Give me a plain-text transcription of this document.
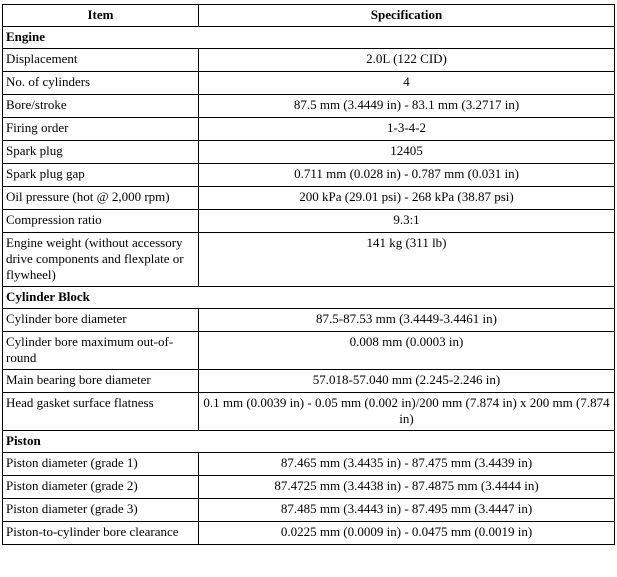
Item	Specification
Engine	
Displacement	2.0L (122 CID)
No. of cylinders	4
Bore/stroke	87.5 mm (3.4449 in) - 83.1 mm (3.2717 in)
Firing order	1-3-4-2
Spark plug	12405
Spark plug gap	0.711 mm (0.028 in) - 0.787 mm (0.031 in)
Oil pressure (hot @ 2,000 rpm)	200 kPa (29.01 psi) - 268 kPa (38.87 psi)
Compression ratio	9.3:1
Engine weight (without accessory drive components and flexplate or flywheel)	141 kg (311 lb)
Cylinder Block	
Cylinder bore diameter	87.5-87.53 mm (3.4449-3.4461 in)
Cylinder bore maximum out-of-round	0.008 mm (0.0003 in)
Main bearing bore diameter	57.018-57.040 mm (2.245-2.246 in)
Head gasket surface flatness	0.1 mm (0.0039 in) - 0.05 mm (0.002 in)/200 mm (7.874 in) x 200 mm (7.874 in)
Piston	
Piston diameter (grade 1)	87.465 mm (3.4435 in) - 87.475 mm (3.4439 in)
Piston diameter (grade 2)	87.4725 mm (3.4438 in) - 87.4875 mm (3.4444 in)
Piston diameter (grade 3)	87.485 mm (3.4443 in) - 87.495 mm (3.4447 in)
Piston-to-cylinder bore clearance	0.0225 mm (0.0009 in) - 0.0475 mm (0.0019 in)
